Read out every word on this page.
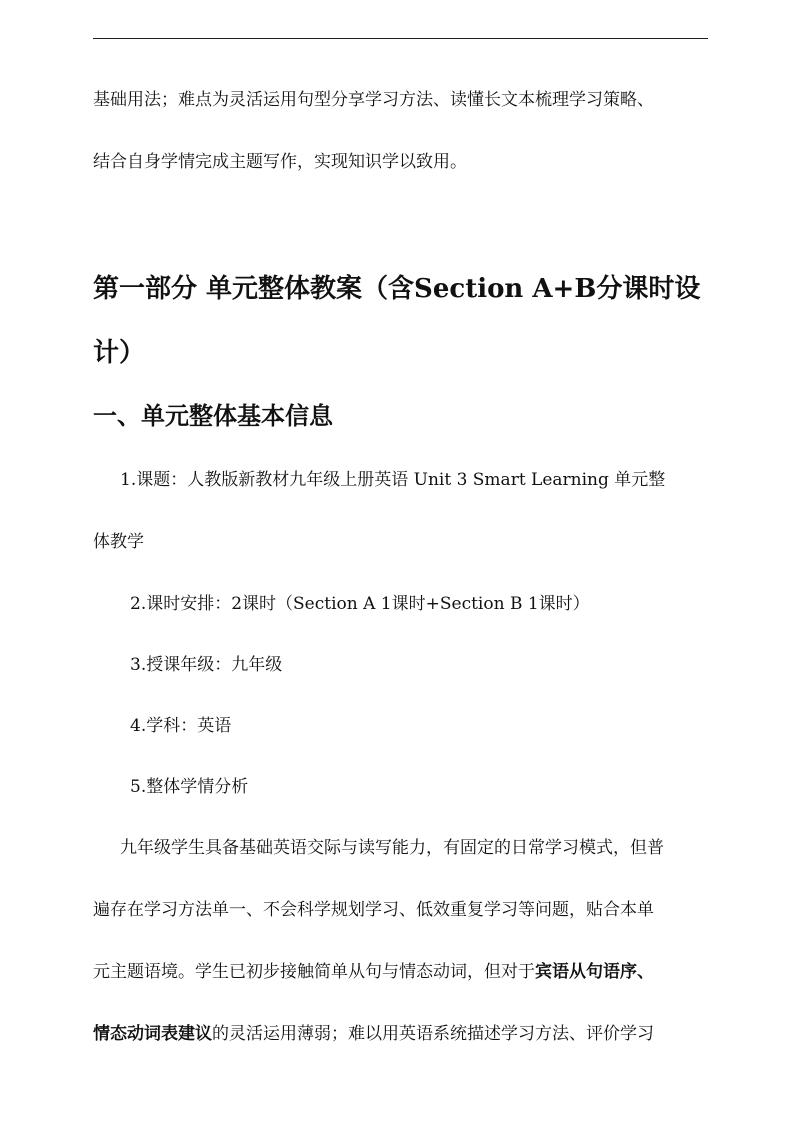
基础用法；难点为灵活运用句型分享学习方法、读懂长文本梳理学习策略、
结合自身学情完成主题写作，实现知识学以致用。
第一部分 单元整体教案（含Section A+B分课时设
计）
一、单元整体基本信息
1.课题：人教版新教材九年级上册英语 Unit 3 Smart Learning 单元整
体教学
2.课时安排：2课时（Section A 1课时+Section B 1课时）
3.授课年级：九年级
4.学科：英语
5.整体学情分析
九年级学生具备基础英语交际与读写能力，有固定的日常学习模式，但普
遍存在学习方法单一、不会科学规划学习、低效重复学习等问题，贴合本单
元主题语境。学生已初步接触简单从句与情态动词，但对于宾语从句语序、
情态动词表建议的灵活运用薄弱；难以用英语系统描述学习方法、评价学习
